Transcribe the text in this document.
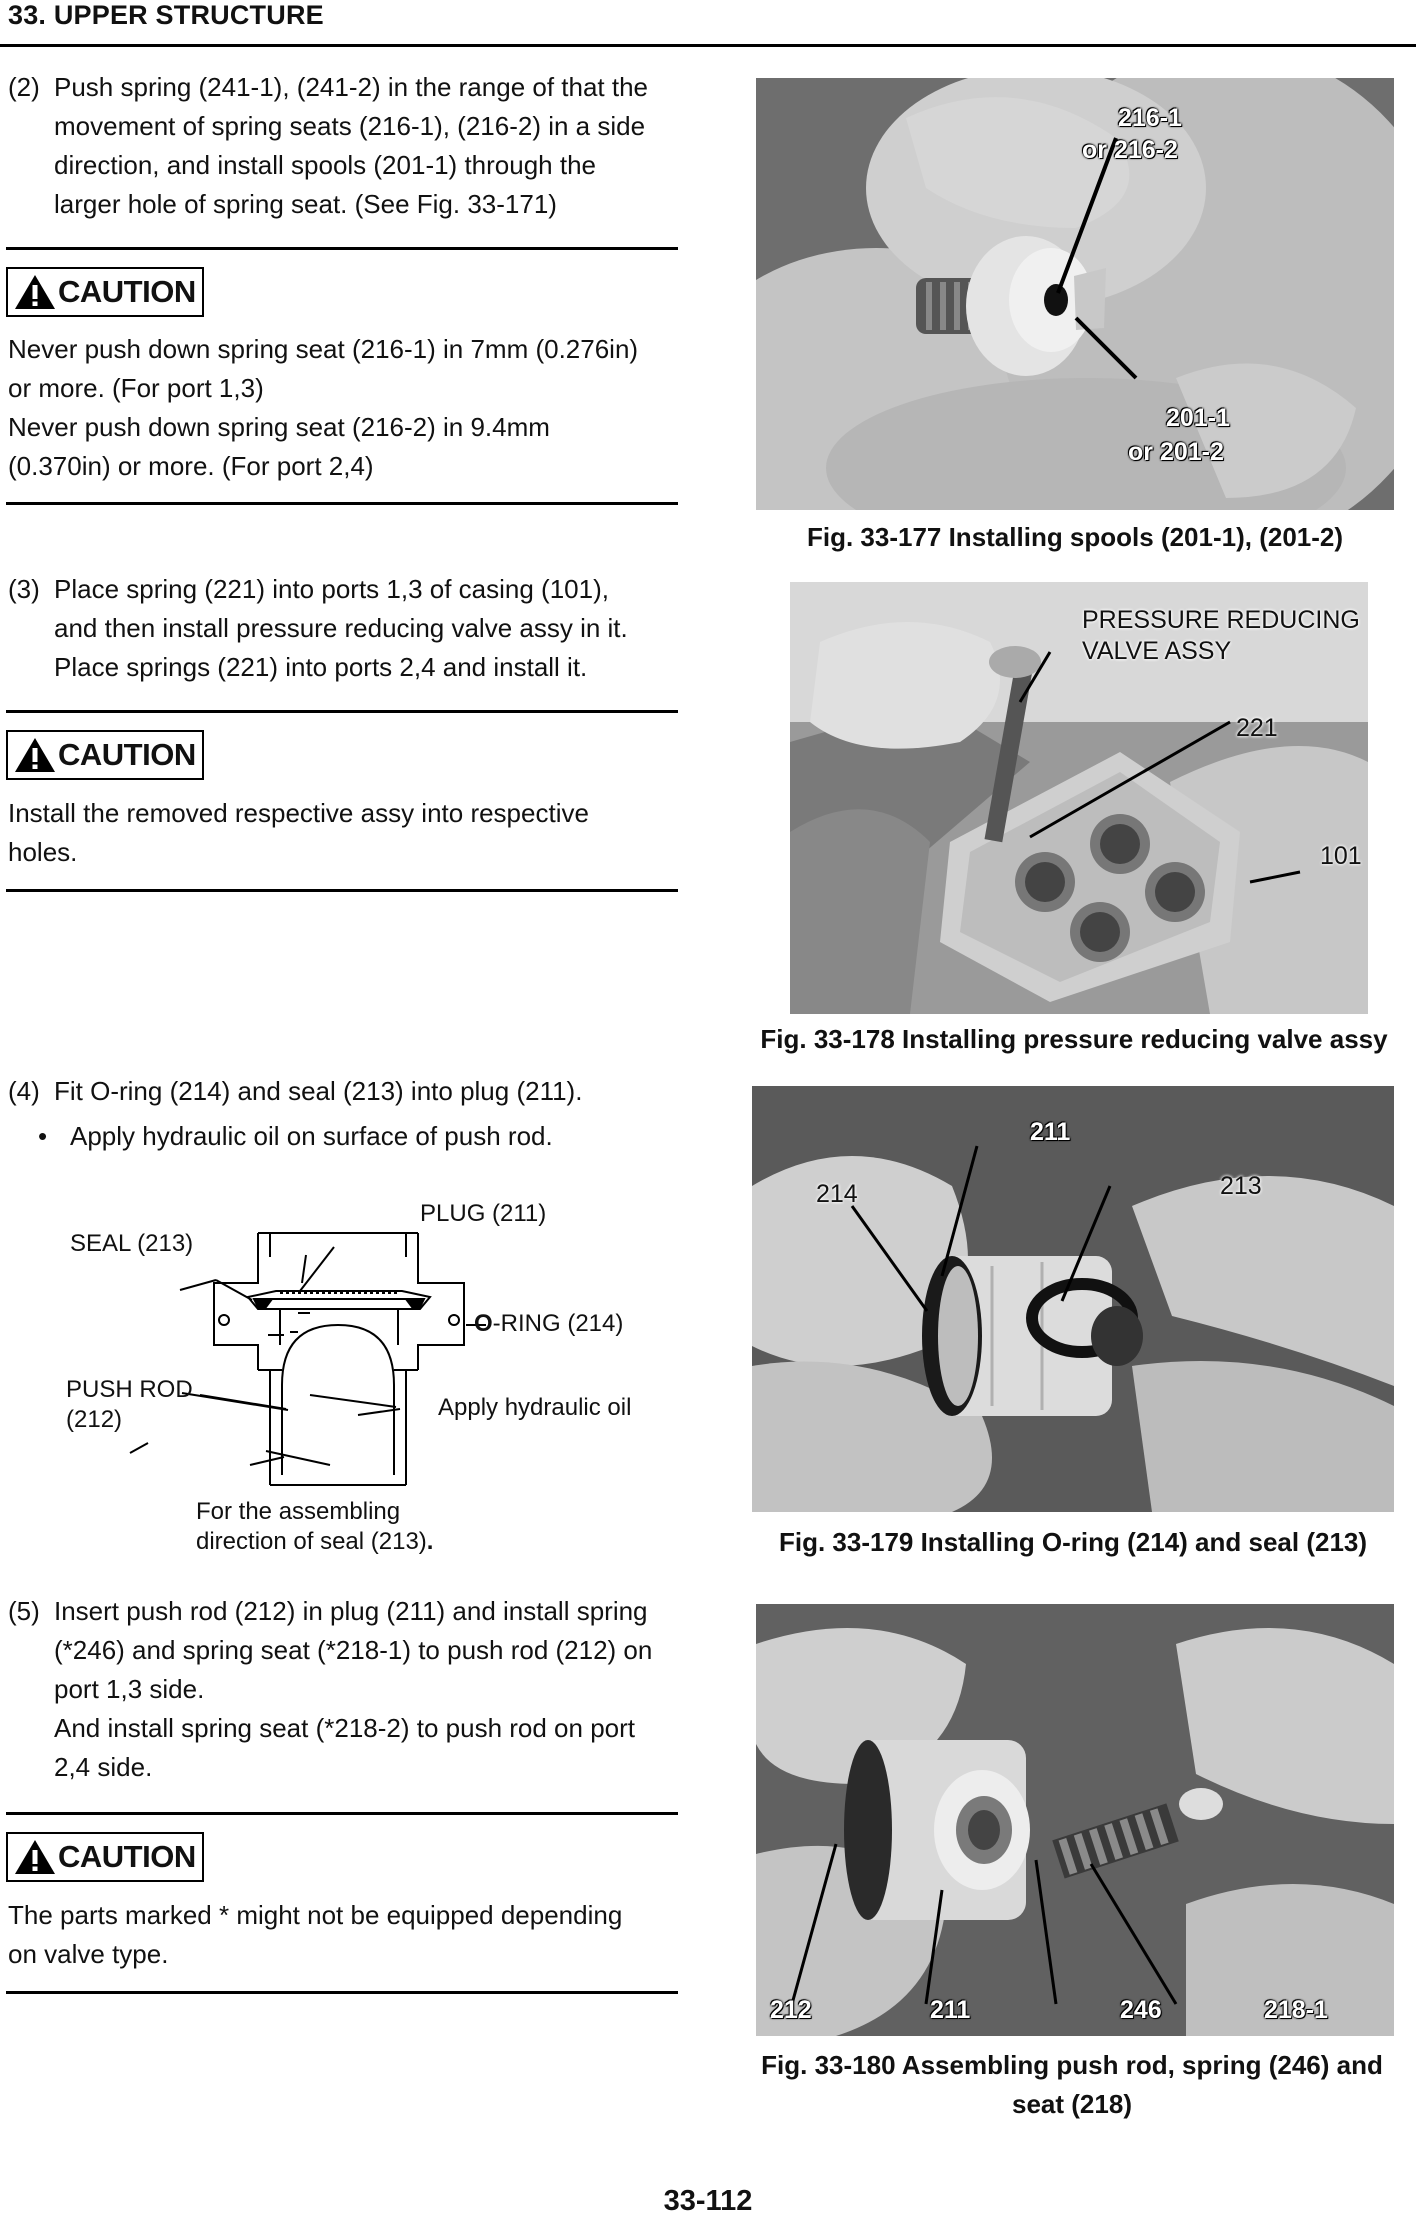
33. UPPER STRUCTURE
(2) Push spring (241-1), (241-2) in the range of that the
movement of spring seats (216-1), (216-2) in a side
direction, and install spools (201-1) through the
larger hole of spring seat. (See Fig. 33-171)
CAUTION
Never push down spring seat (216-1) in 7mm (0.276in)
or more. (For port 1,3)
Never push down spring seat (216-2) in 9.4mm
(0.370in) or more. (For port 2,4)
(3) Place spring (221) into ports 1,3 of casing (101),
and then install pressure reducing valve assy in it.
Place springs (221) into ports 2,4 and install it.
CAUTION
Install the removed respective assy into respective
holes.
(4) Fit O-ring (214) and seal (213) into plug (211).
• Apply hydraulic oil on surface of push rod.
SEAL (213)
PLUG (211)
O-RING (214)
PUSH ROD
(212)	Apply hydraulic oil
For the assembling
direction of seal (213).
(5) Insert push rod (212) in plug (211) and install spring
(*246) and spring seat (*218-1) to push rod (212) on
port 1,3 side.
And install spring seat (*218-2) to push rod on port
2,4 side.
CAUTION
The parts marked * might not be equipped depending
on valve type.
216-1
or 216-2
201-1
or 201-2
Fig. 33-177 Installing spools (201-1), (201-2)
PRESSURE REDUCING
VALVE ASSY
221
101
Fig. 33-178 Installing pressure reducing valve assy
211
214	213
Fig. 33-179 Installing O-ring (214) and seal (213)
212	211	246	218-1
Fig. 33-180 Assembling push rod, spring (246) and
seat (218)
33-112
